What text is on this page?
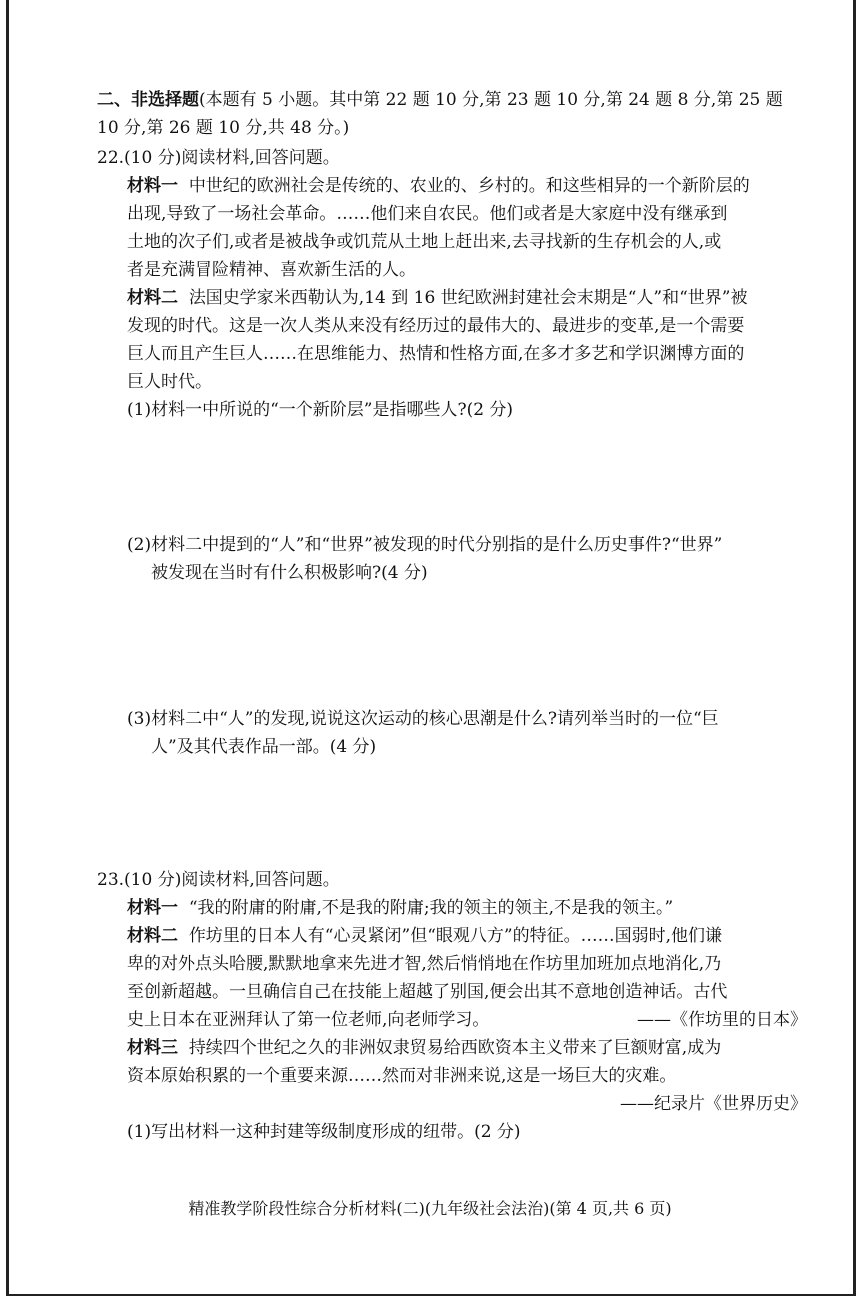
二、非选择题(本题有 5 小题。其中第 22 题 10 分,第 23 题 10 分,第 24 题 8 分,第 25 题
10 分,第 26 题 10 分,共 48 分。)
22.(10 分)阅读材料,回答问题。
材料一 中世纪的欧洲社会是传统的、农业的、乡村的。和这些相异的一个新阶层的
出现,导致了一场社会革命。……他们来自农民。他们或者是大家庭中没有继承到
土地的次子们,或者是被战争或饥荒从土地上赶出来,去寻找新的生存机会的人,或
者是充满冒险精神、喜欢新生活的人。
材料二 法国史学家米西勒认为,14 到 16 世纪欧洲封建社会末期是“人”和“世界”被
发现的时代。这是一次人类从来没有经历过的最伟大的、最进步的变革,是一个需要
巨人而且产生巨人……在思维能力、热情和性格方面,在多才多艺和学识渊博方面的
巨人时代。
(1)材料一中所说的“一个新阶层”是指哪些人?(2 分)
(2)材料二中提到的“人”和“世界”被发现的时代分别指的是什么历史事件?“世界”
被发现在当时有什么积极影响?(4 分)
(3)材料二中“人”的发现,说说这次运动的核心思潮是什么?请列举当时的一位“巨
人”及其代表作品一部。(4 分)
23.(10 分)阅读材料,回答问题。
材料一 “我的附庸的附庸,不是我的附庸;我的领主的领主,不是我的领主。”
材料二 作坊里的日本人有“心灵紧闭”但“眼观八方”的特征。……国弱时,他们谦
卑的对外点头哈腰,默默地拿来先进才智,然后悄悄地在作坊里加班加点地消化,乃
至创新超越。一旦确信自己在技能上超越了别国,便会出其不意地创造神话。古代
史上日本在亚洲拜认了第一位老师,向老师学习。	——《作坊里的日本》
材料三 持续四个世纪之久的非洲奴隶贸易给西欧资本主义带来了巨额财富,成为
资本原始积累的一个重要来源……然而对非洲来说,这是一场巨大的灾难。
——纪录片《世界历史》
(1)写出材料一这种封建等级制度形成的纽带。(2 分)
精准教学阶段性综合分析材料(二)(九年级社会法治)(第 4 页,共 6 页)
